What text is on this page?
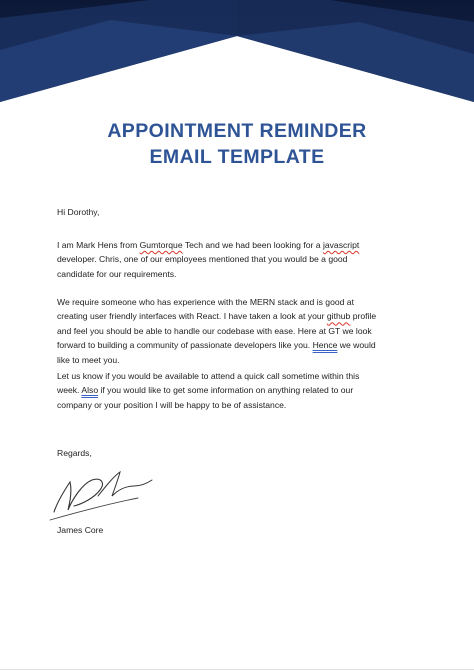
APPOINTMENT REMINDER
EMAIL TEMPLATE

Hi Dorothy,

I am Mark Hens from Gumtorque Tech and we had been looking for a javascript
developer. Chris, one of our employees mentioned that you would be a good
candidate for our requirements.

We require someone who has experience with the MERN stack and is good at
creating user friendly interfaces with React. I have taken a look at your github profile
and feel you should be able to handle our codebase with ease. Here at GT we look
forward to building a community of passionate developers like you. Hence we would
like to meet you.

Let us know if you would be available to attend a quick call sometime within this
week. Also if you would like to get some information on anything related to our
company or your position I will be happy to be of assistance.

Regards,

James Core
